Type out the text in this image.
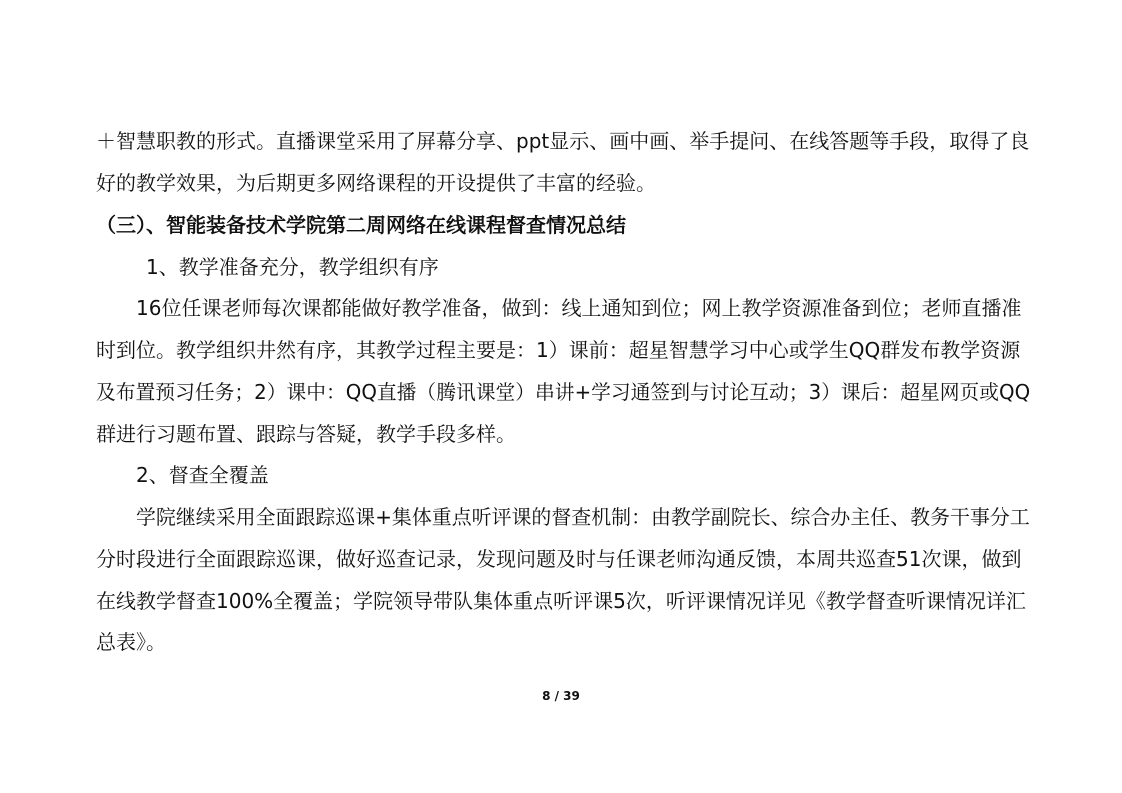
＋智慧职教的形式。直播课堂采用了屏幕分享、ppt显示、画中画、举手提问、在线答题等手段，取得了良
好的教学效果，为后期更多网络课程的开设提供了丰富的经验。
（三）、智能装备技术学院第二周网络在线课程督查情况总结
1、教学准备充分，教学组织有序
16位任课老师每次课都能做好教学准备，做到：线上通知到位；网上教学资源准备到位；老师直播准
时到位。教学组织井然有序，其教学过程主要是：1）课前：超星智慧学习中心或学生QQ群发布教学资源
及布置预习任务；2）课中：QQ直播（腾讯课堂）串讲+学习通签到与讨论互动；3）课后：超星网页或QQ
群进行习题布置、跟踪与答疑，教学手段多样。
2、督查全覆盖
学院继续采用全面跟踪巡课+集体重点听评课的督查机制：由教学副院长、综合办主任、教务干事分工
分时段进行全面跟踪巡课，做好巡查记录，发现问题及时与任课老师沟通反馈，本周共巡查51次课，做到
在线教学督查100%全覆盖；学院领导带队集体重点听评课5次，听评课情况详见《教学督查听课情况详汇
总表》。
8 / 39
